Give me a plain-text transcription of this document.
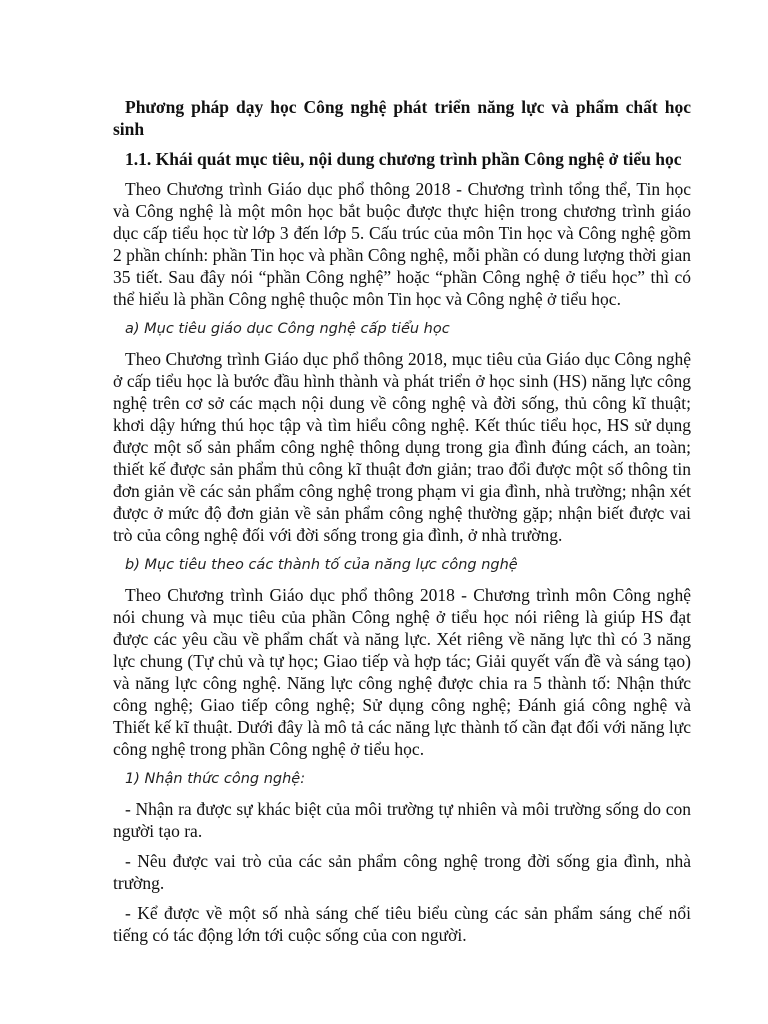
Phương pháp dạy học Công nghệ phát triển năng lực và phẩm chất học sinh

1.1. Khái quát mục tiêu, nội dung chương trình phần Công nghệ ở tiểu học

Theo Chương trình Giáo dục phổ thông 2018 - Chương trình tổng thể, Tin học và Công nghệ là một môn học bắt buộc được thực hiện trong chương trình giáo dục cấp tiểu học từ lớp 3 đến lớp 5. Cấu trúc của môn Tin học và Công nghệ gồm 2 phần chính: phần Tin học và phần Công nghệ, mỗi phần có dung lượng thời gian 35 tiết. Sau đây nói “phần Công nghệ” hoặc “phần Công nghệ ở tiểu học” thì có thể hiểu là phần Công nghệ thuộc môn Tin học và Công nghệ ở tiểu học.

a) Mục tiêu giáo dục Công nghệ cấp tiểu học

Theo Chương trình Giáo dục phổ thông 2018, mục tiêu của Giáo dục Công nghệ ở cấp tiểu học là bước đầu hình thành và phát triển ở học sinh (HS) năng lực công nghệ trên cơ sở các mạch nội dung về công nghệ và đời sống, thủ công kĩ thuật; khơi dậy hứng thú học tập và tìm hiểu công nghệ. Kết thúc tiểu học, HS sử dụng được một số sản phẩm công nghệ thông dụng trong gia đình đúng cách, an toàn; thiết kế được sản phẩm thủ công kĩ thuật đơn giản; trao đổi được một số thông tin đơn giản về các sản phẩm công nghệ trong phạm vi gia đình, nhà trường; nhận xét được ở mức độ đơn giản về sản phẩm công nghệ thường gặp; nhận biết được vai trò của công nghệ đối với đời sống trong gia đình, ở nhà trường.

b) Mục tiêu theo các thành tố của năng lực công nghệ

Theo Chương trình Giáo dục phổ thông 2018 - Chương trình môn Công nghệ nói chung và mục tiêu của phần Công nghệ ở tiểu học nói riêng là giúp HS đạt được các yêu cầu về phẩm chất và năng lực. Xét riêng về năng lực thì có 3 năng lực chung (Tự chủ và tự học; Giao tiếp và hợp tác; Giải quyết vấn đề và sáng tạo) và năng lực công nghệ. Năng lực công nghệ được chia ra 5 thành tố: Nhận thức công nghệ; Giao tiếp công nghệ; Sử dụng công nghệ; Đánh giá công nghệ và Thiết kế kĩ thuật. Dưới đây là mô tả các năng lực thành tố cần đạt đối với năng lực công nghệ trong phần Công nghệ ở tiểu học.

1) Nhận thức công nghệ:

- Nhận ra được sự khác biệt của môi trường tự nhiên và môi trường sống do con người tạo ra.

- Nêu được vai trò của các sản phẩm công nghệ trong đời sống gia đình, nhà trường.

- Kể được về một số nhà sáng chế tiêu biểu cùng các sản phẩm sáng chế nổi tiếng có tác động lớn tới cuộc sống của con người.
